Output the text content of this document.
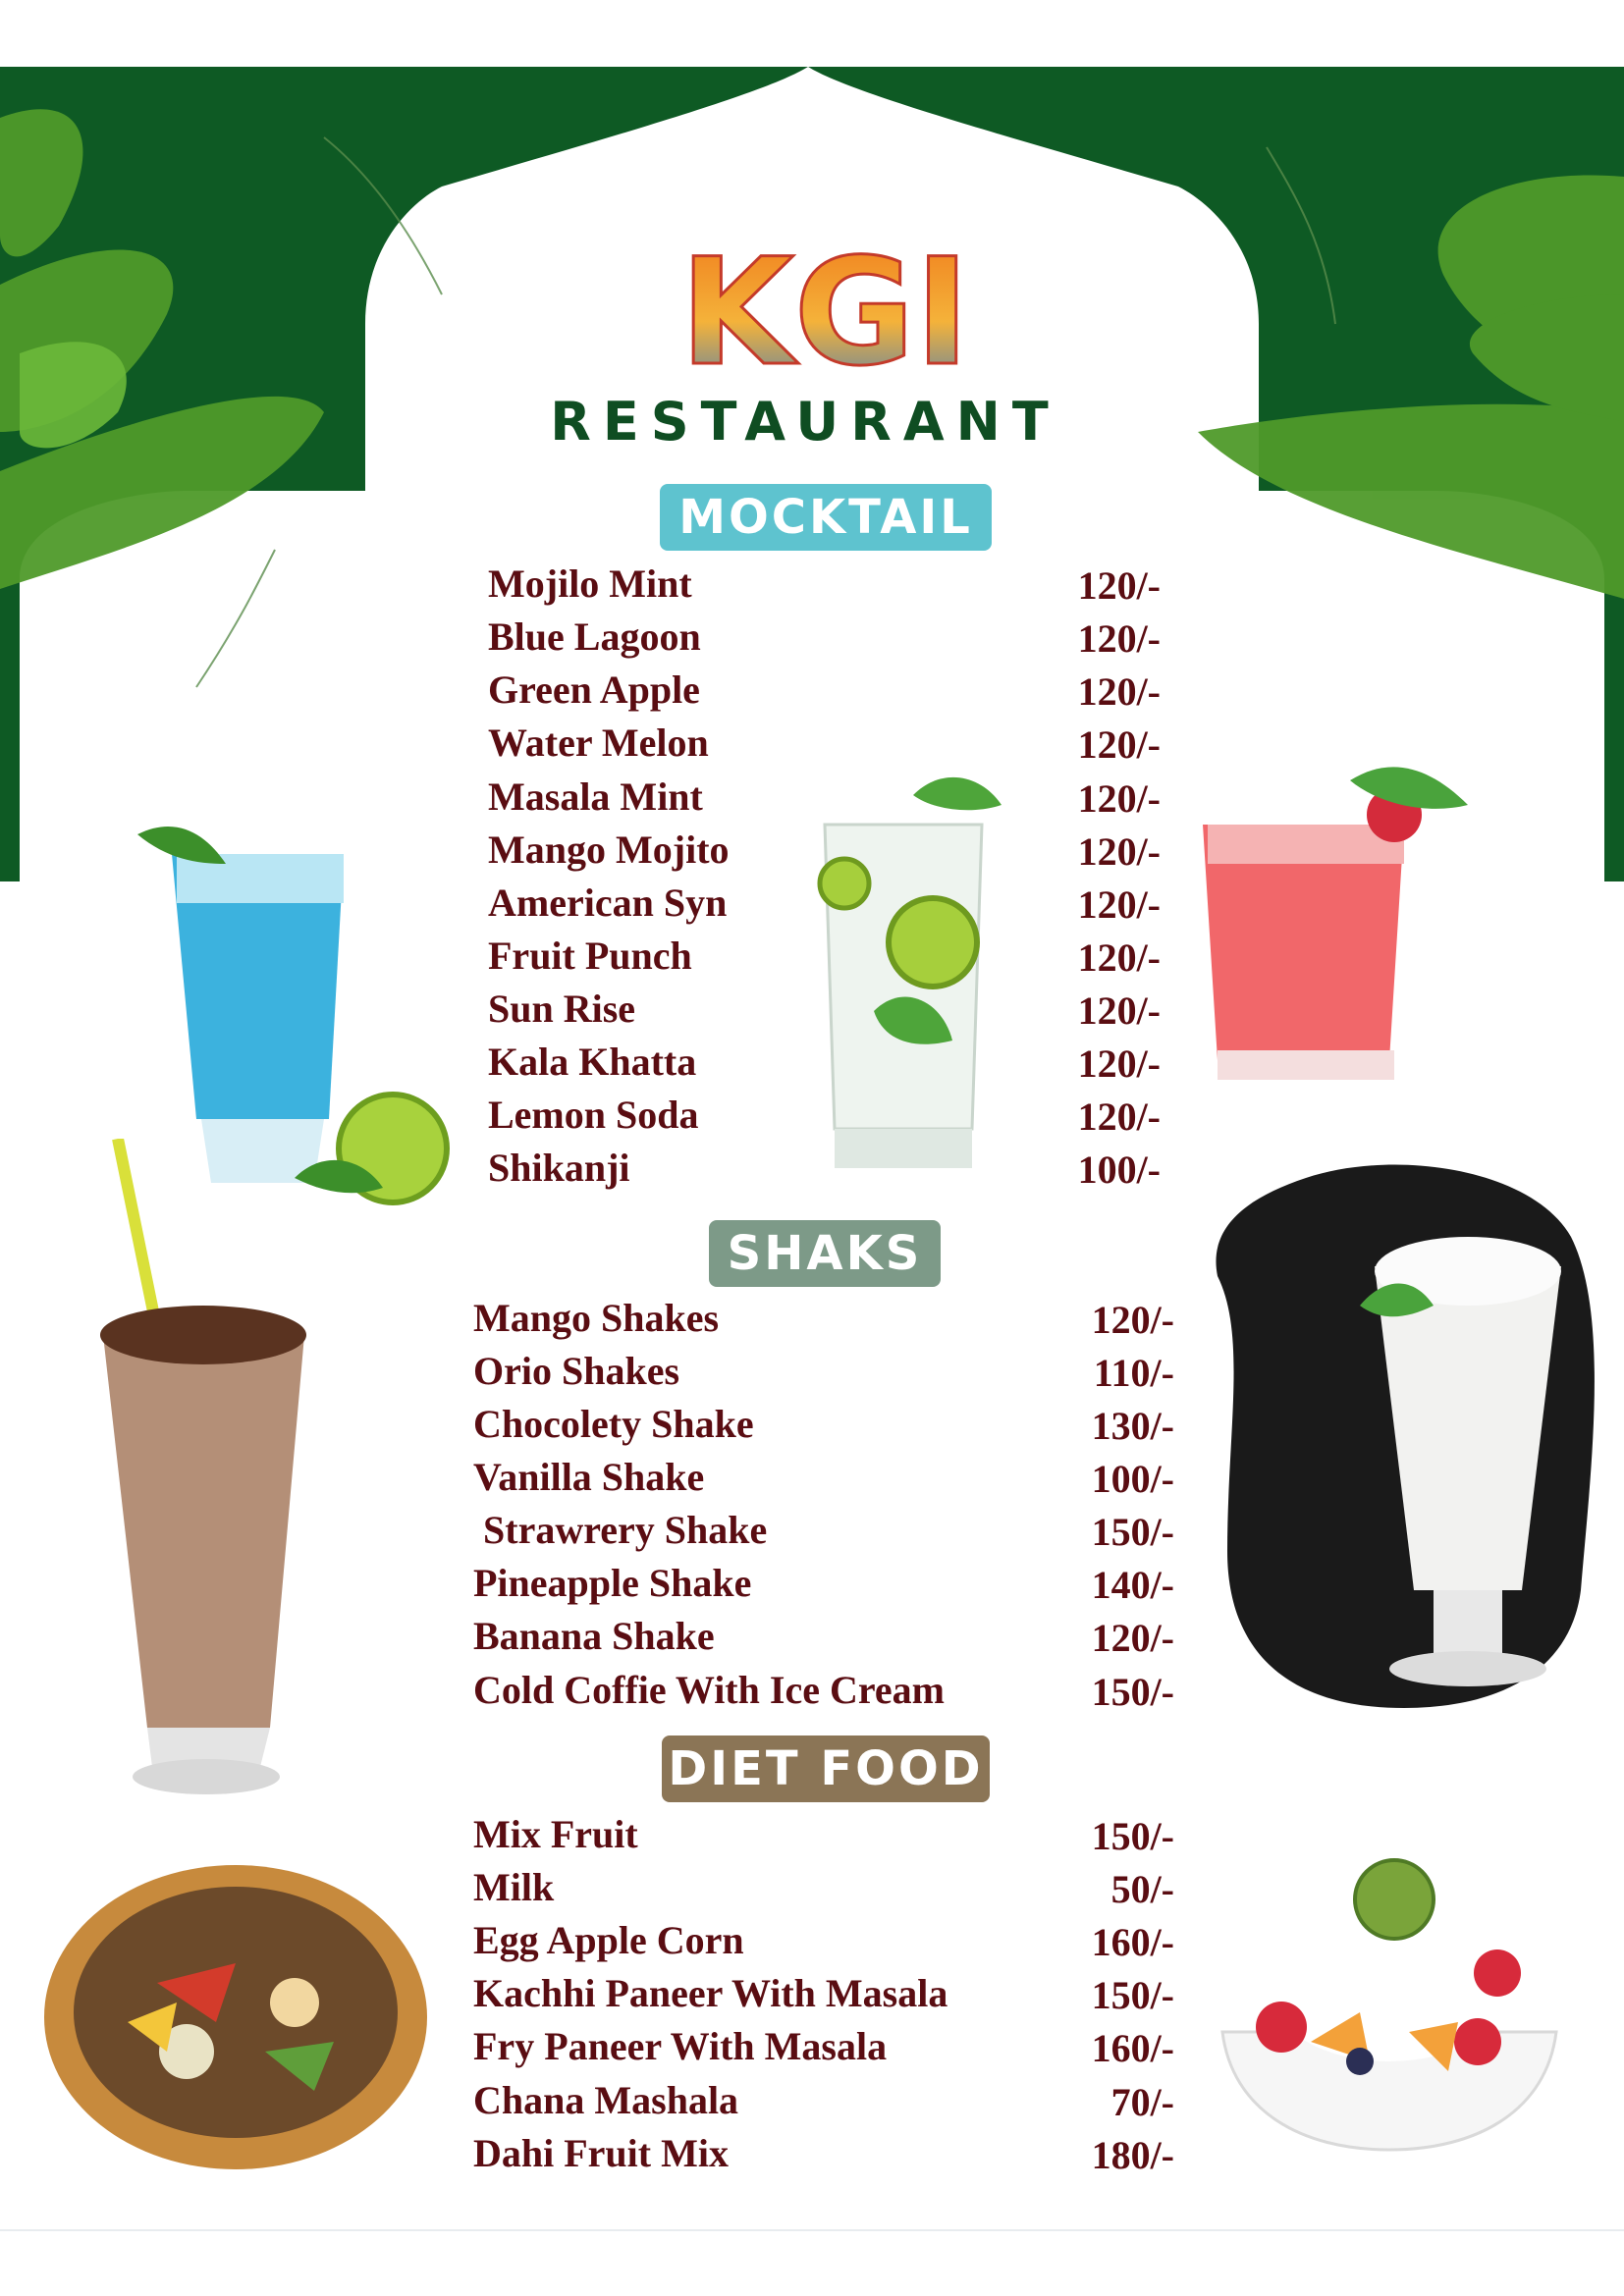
KGI
RESTAURANT
MOCKTAIL
SHAKS
DIET FOOD
Mojilo Mint	120/-
Blue Lagoon	120/-
Green Apple	120/-
Water Melon	120/-
Masala Mint	120/-
Mango Mojito	120/-
American Syn	120/-
Fruit Punch	120/-
Sun Rise	120/-
Kala Khatta	120/-
Lemon Soda	120/-
Shikanji	100/-
Mango Shakes	120/-
Orio Shakes	110/-
Chocolety Shake	130/-
Vanilla Shake	100/-
Strawrery Shake	150/-
Pineapple Shake	140/-
Banana Shake	120/-
Cold Coffie With Ice Cream	150/-
Mix Fruit	150/-
Milk	50/-
Egg Apple Corn	160/-
Kachhi Paneer With Masala	150/-
Fry Paneer With Masala	160/-
Chana Mashala	70/-
Dahi Fruit Mix	180/-
